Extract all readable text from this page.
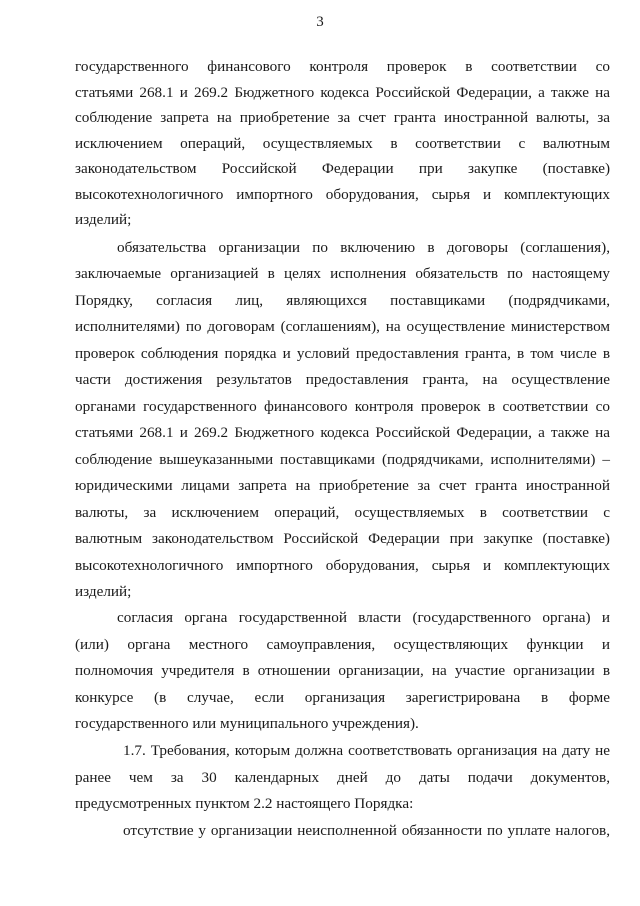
3
государственного финансового контроля проверок в соответствии со
статьями 268.1 и 269.2 Бюджетного кодекса Российской Федерации, а также на
соблюдение запрета на приобретение за счет гранта иностранной валюты, за
исключением операций, осуществляемых в соответствии с валютным
законодательством Российской Федерации при закупке (поставке)
высокотехнологичного импортного оборудования, сырья и комплектующих
изделий;
обязательства организации по включению в договоры (соглашения),
заключаемые организацией в целях исполнения обязательств по настоящему
Порядку, согласия лиц, являющихся поставщиками (подрядчиками,
исполнителями) по договорам (соглашениям), на осуществление министерством
проверок соблюдения порядка и условий предоставления гранта, в том числе в
части достижения результатов предоставления гранта, на осуществление
органами государственного финансового контроля проверок в соответствии со
статьями 268.1 и 269.2 Бюджетного кодекса Российской Федерации, а также на
соблюдение вышеуказанными поставщиками (подрядчиками, исполнителями) –
юридическими лицами запрета на приобретение за счет гранта иностранной
валюты, за исключением операций, осуществляемых в соответствии с
валютным законодательством Российской Федерации при закупке (поставке)
высокотехнологичного импортного оборудования, сырья и комплектующих
изделий;
согласия органа государственной власти (государственного органа) и
(или) органа местного самоуправления, осуществляющих функции и
полномочия учредителя в отношении организации, на участие организации в
конкурсе (в случае, если организация зарегистрирована в форме
государственного или муниципального учреждения).
1.7. Требования, которым должна соответствовать организация на дату не
ранее чем за 30 календарных дней до даты подачи документов,
предусмотренных пунктом 2.2 настоящего Порядка:
отсутствие у организации неисполненной обязанности по уплате налогов,
